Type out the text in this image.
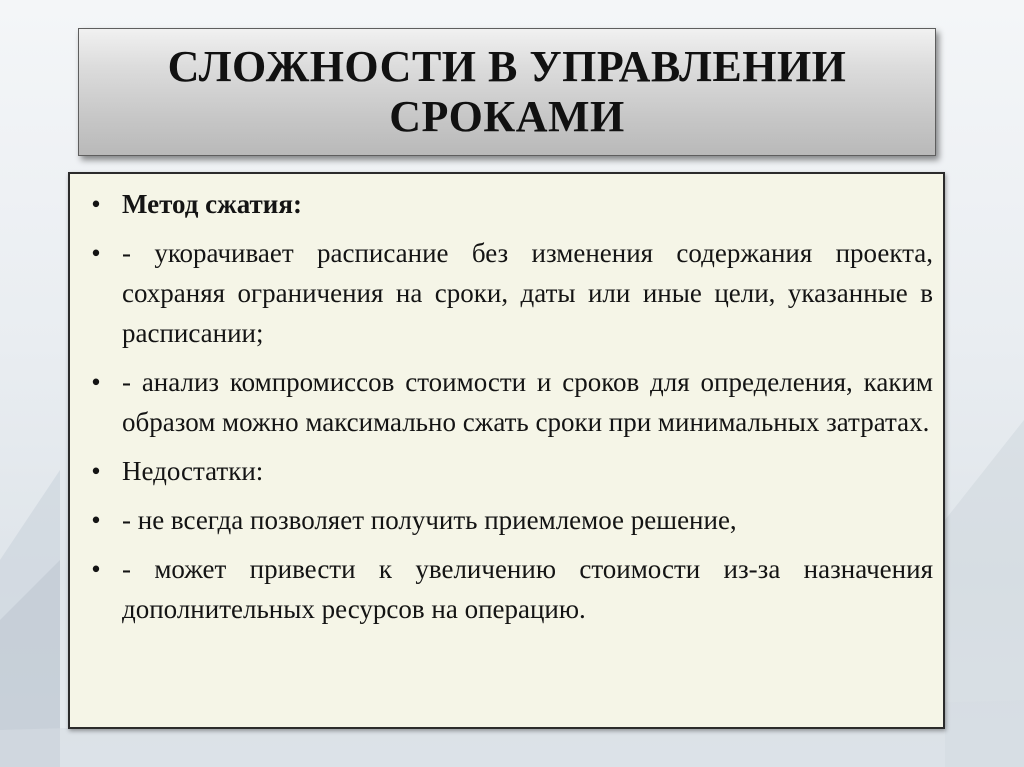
СЛОЖНОСТИ В УПРАВЛЕНИИ СРОКАМИ
• Метод сжатия:
• - укорачивает расписание без изменения содержания проекта, сохраняя ограничения на сроки, даты или иные цели, указанные в расписании;
• - анализ компромиссов стоимости и сроков для определения, каким образом можно максимально сжать сроки при минимальных затратах.
• Недостатки:
• - не всегда позволяет получить приемлемое решение,
• - может привести к увеличению стоимости из-за назначения дополнительных ресурсов на операцию.
